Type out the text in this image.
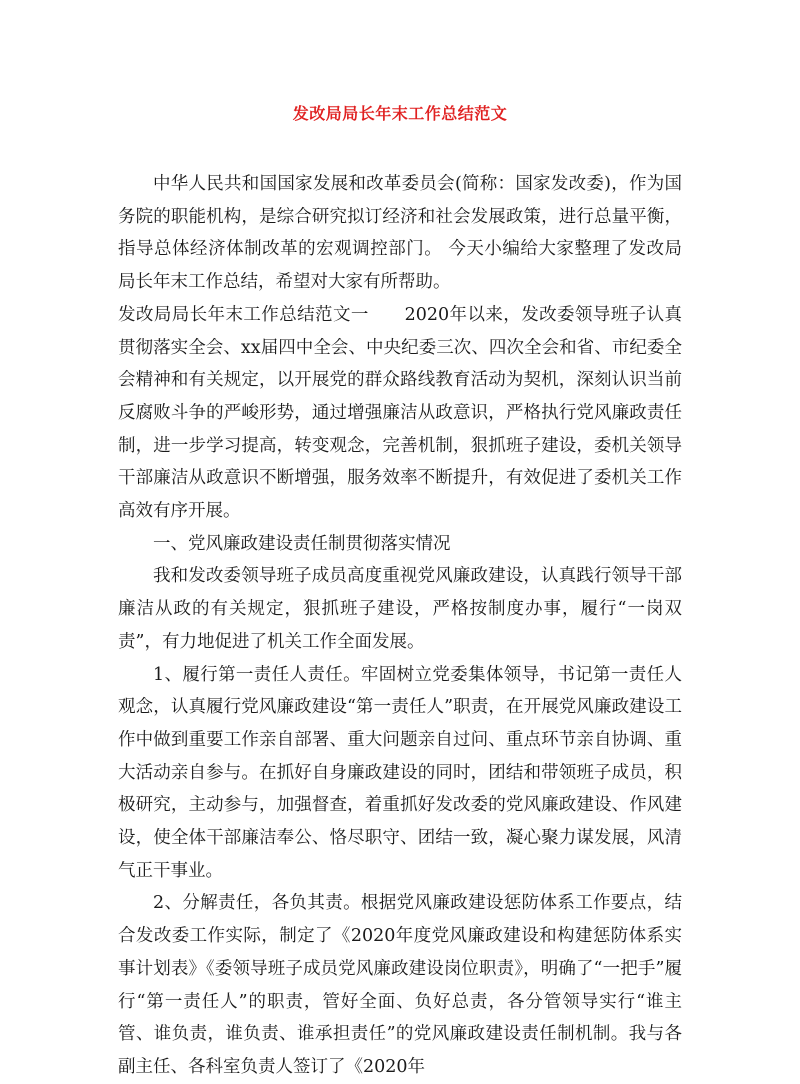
发改局局长年末工作总结范文

中华人民共和国国家发展和改革委员会(简称：国家发改委)，作为国务院的职能机构，是综合研究拟订经济和社会发展政策，进行总量平衡，指导总体经济体制改革的宏观调控部门。 今天小编给大家整理了发改局局长年末工作总结，希望对大家有所帮助。

发改局局长年末工作总结范文一　　2020年以来，发改委领导班子认真贯彻落实全会、xx届四中全会、中央纪委三次、四次全会和省、市纪委全会精神和有关规定，以开展党的群众路线教育活动为契机，深刻认识当前反腐败斗争的严峻形势，通过增强廉洁从政意识，严格执行党风廉政责任制，进一步学习提高，转变观念，完善机制，狠抓班子建设，委机关领导干部廉洁从政意识不断增强，服务效率不断提升，有效促进了委机关工作高效有序开展。

一、党风廉政建设责任制贯彻落实情况

我和发改委领导班子成员高度重视党风廉政建设，认真践行领导干部廉洁从政的有关规定，狠抓班子建设，严格按制度办事，履行“一岗双责”，有力地促进了机关工作全面发展。

1、履行第一责任人责任。牢固树立党委集体领导，书记第一责任人观念，认真履行党风廉政建设“第一责任人”职责，在开展党风廉政建设工作中做到重要工作亲自部署、重大问题亲自过问、重点环节亲自协调、重大活动亲自参与。在抓好自身廉政建设的同时，团结和带领班子成员，积极研究，主动参与，加强督查，着重抓好发改委的党风廉政建设、作风建设，使全体干部廉洁奉公、恪尽职守、团结一致，凝心聚力谋发展，风清气正干事业。

2、分解责任，各负其责。根据党风廉政建设惩防体系工作要点，结合发改委工作实际，制定了《2020年度党风廉政建设和构建惩防体系实事计划表》《委领导班子成员党风廉政建设岗位职责》，明确了“一把手”履行“第一责任人”的职责，管好全面、负好总责，各分管领导实行“谁主管、谁负责，谁负责、谁承担责任”的党风廉政建设责任制机制。我与各副主任、各科室负责人签订了《2020年
